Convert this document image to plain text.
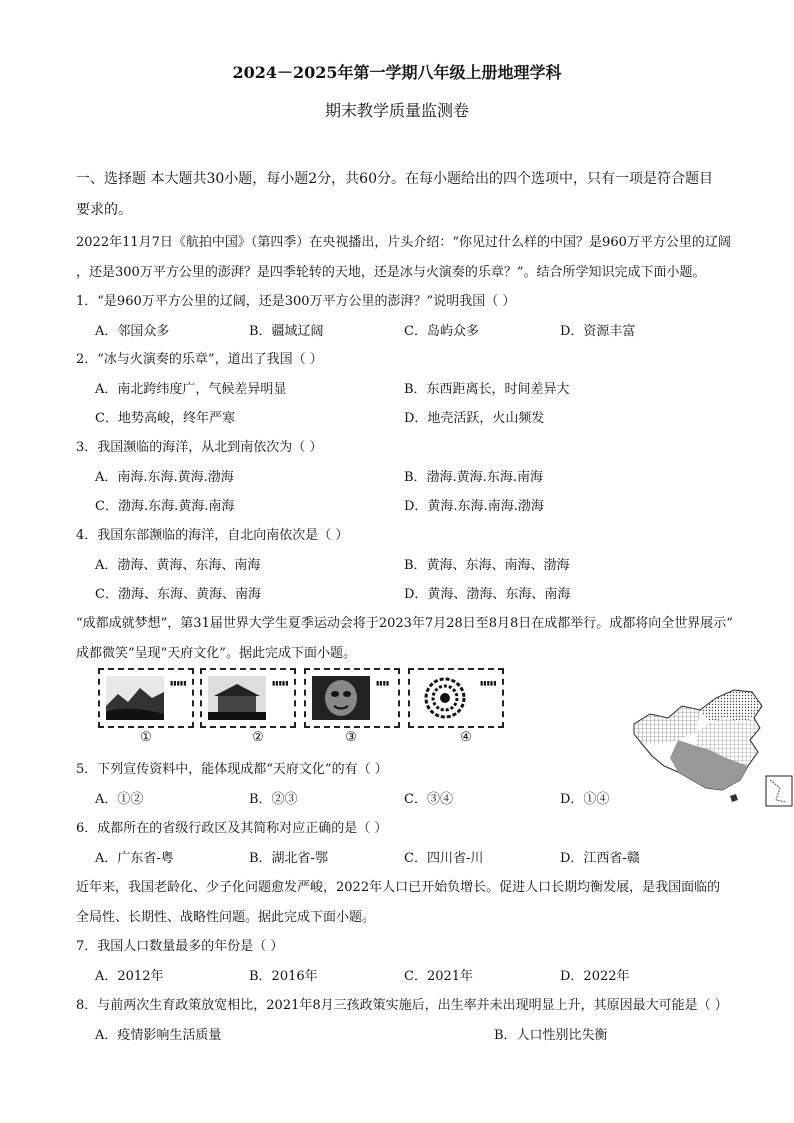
2024－2025年第一学期八年级上册地理学科
期末教学质量监测卷
一、选择题 本大题共30小题，每小题2分，共60分。在每小题给出的四个选项中，只有一项是符合题目
要求的。
2022年11月7日《航拍中国》（第四季）在央视播出，片头介绍：“你见过什么样的中国？是960万平方公里的辽阔
，还是300万平方公里的澎湃？是四季轮转的天地，还是冰与火演奏的乐章？”。结合所学知识完成下面小题。
1．“是960万平方公里的辽阔，还是300万平方公里的澎湃？”说明我国（ ）
A．邻国众多	B．疆域辽阔	C．岛屿众多	D．资源丰富
2．“冰与火演奏的乐章”，道出了我国（ ）
A．南北跨纬度广，气候差异明显	B．东西距离长，时间差异大
C．地势高峻，终年严寒	D．地壳活跃，火山频发
3．我国濒临的海洋，从北到南依次为（ ）
A．南海.东海.黄海.渤海	B．渤海.黄海.东海.南海
C．渤海.东海.黄海.南海	D．黄海.东海.南海.渤海
4．我国东部濒临的海洋，自北向南依次是（ ）
A．渤海、黄海、东海、南海	B．黄海、东海、南海、渤海
C．渤海、东海、黄海、南海	D．黄海、渤海、东海、南海
“成都成就梦想”，第31届世界大学生夏季运动会将于2023年7月28日至8月8日在成都举行。成都将向全世界展示“
成都微笑”呈现“天府文化”。据此完成下面小题。
▮▮▮▮▮	▮▮▮▮▮	▮▮▮▮	▮▮▮▮▮
①	②	③	④
5．下列宣传资料中，能体现成都“天府文化”的有（ ）
A．①②	B．②③	C．③④	D．①④
6．成都所在的省级行政区及其简称对应正确的是（ ）
A．广东省-粤	B．湖北省-鄂	C．四川省-川	D．江西省-赣
近年来，我国老龄化、少子化问题愈发严峻，2022年人口已开始负增长。促进人口长期均衡发展，是我国面临的
全局性、长期性、战略性问题。据此完成下面小题。
7．我国人口数量最多的年份是（ ）
A．2012年	B．2016年	C．2021年	D．2022年
8．与前两次生育政策放宽相比，2021年8月三孩政策实施后，出生率并未出现明显上升，其原因最大可能是（ ）
A．疫情影响生活质量	B．人口性别比失衡
